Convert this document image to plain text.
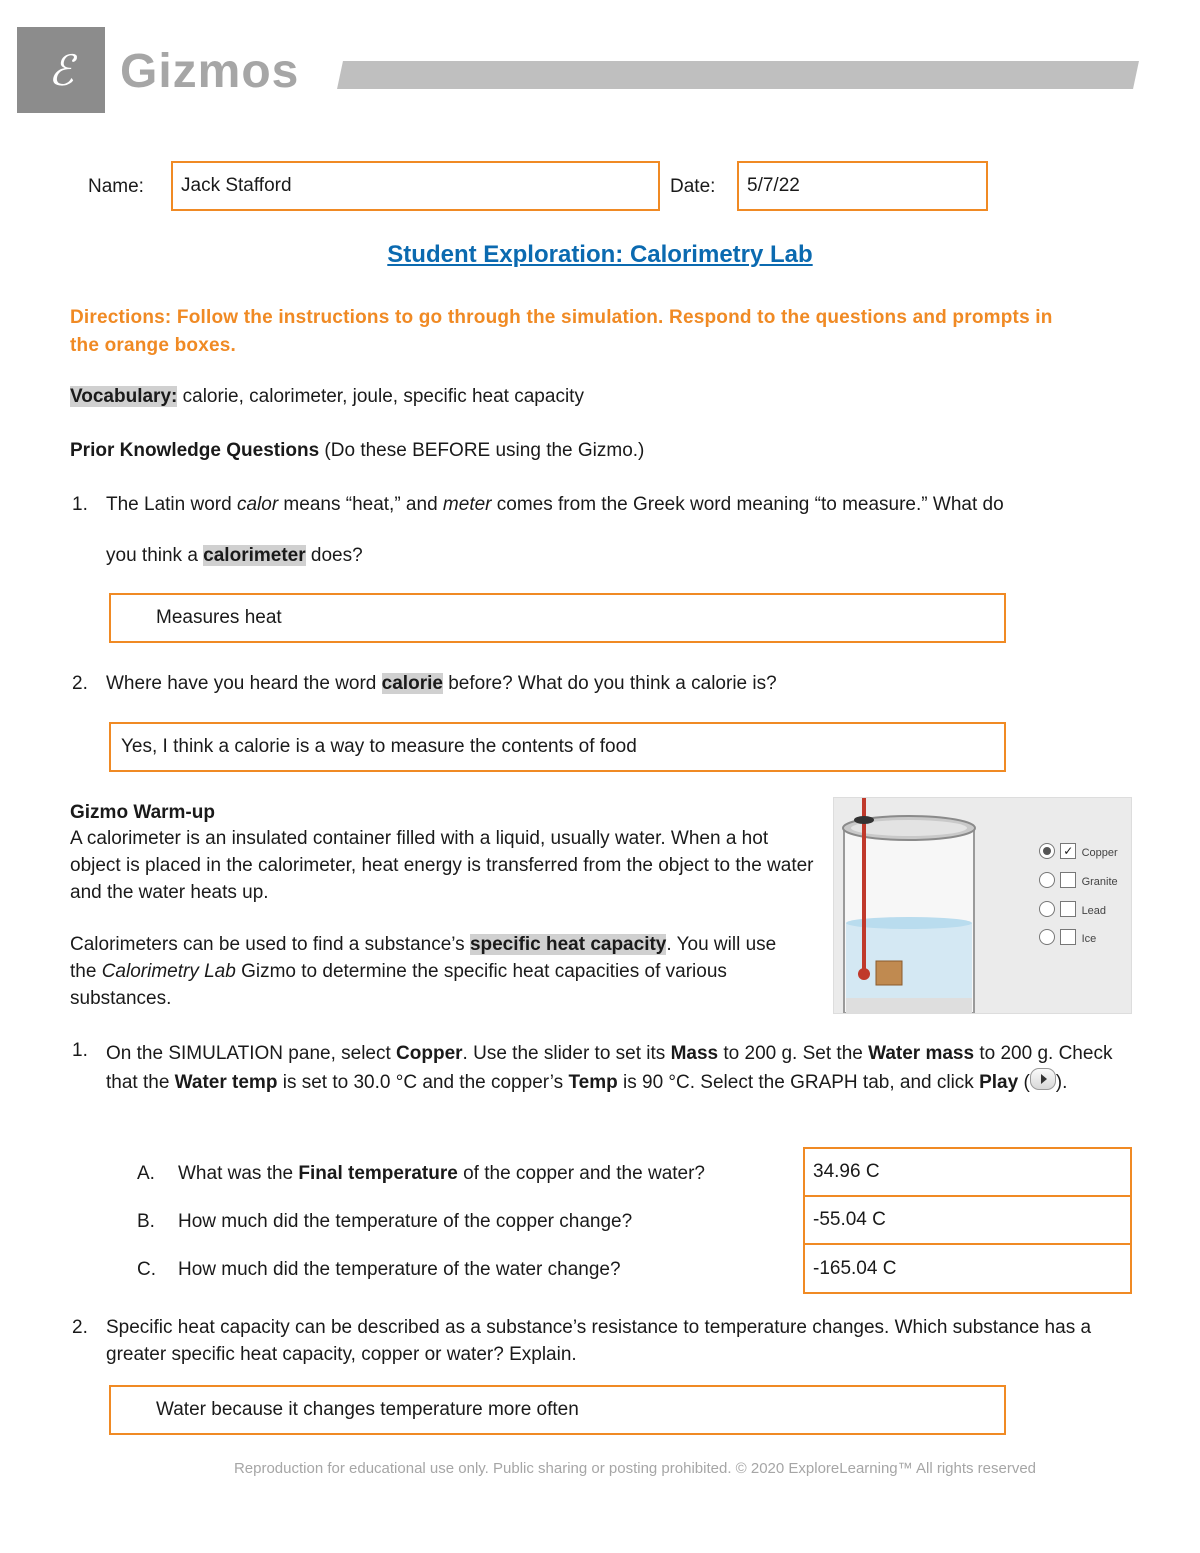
ℰ Gizmos
Name:	Jack Stafford	Date:	5/7/22
Student Exploration: Calorimetry Lab
Directions: Follow the instructions to go through the simulation. Respond to the questions and prompts in the orange boxes.
Vocabulary: calorie, calorimeter, joule, specific heat capacity
Prior Knowledge Questions (Do these BEFORE using the Gizmo.)
1. The Latin word calor means “heat,” and meter comes from the Greek word meaning “to measure.” What do
you think a calorimeter does?
Measures heat
2. Where have you heard the word calorie before? What do you think a calorie is?
Yes, I think a calorie is a way to measure the contents of food
Gizmo Warm-up
A calorimeter is an insulated container filled with a liquid, usually water. When a hot object is placed in the calorimeter, heat energy is transferred from the object to the water and the water heats up.
Calorimeters can be used to find a substance’s specific heat capacity. You will use the Calorimetry Lab Gizmo to determine the specific heat capacities of various substances.
✓ Copper
Granite
Lead
Ice
1. On the SIMULATION pane, select Copper. Use the slider to set its Mass to 200 g. Set the Water mass to 200 g. Check that the Water temp is set to 30.0 °C and the copper’s Temp is 90 °C. Select the GRAPH tab, and click Play ( ).
A. What was the Final temperature of the copper and the water?	34.96 C
B. How much did the temperature of the copper change?	-55.04 C
C. How much did the temperature of the water change?	-165.04 C
2. Specific heat capacity can be described as a substance’s resistance to temperature changes. Which substance has a greater specific heat capacity, copper or water? Explain.
Water because it changes temperature more often
Reproduction for educational use only. Public sharing or posting prohibited. © 2020 ExploreLearning™ All rights reserved
